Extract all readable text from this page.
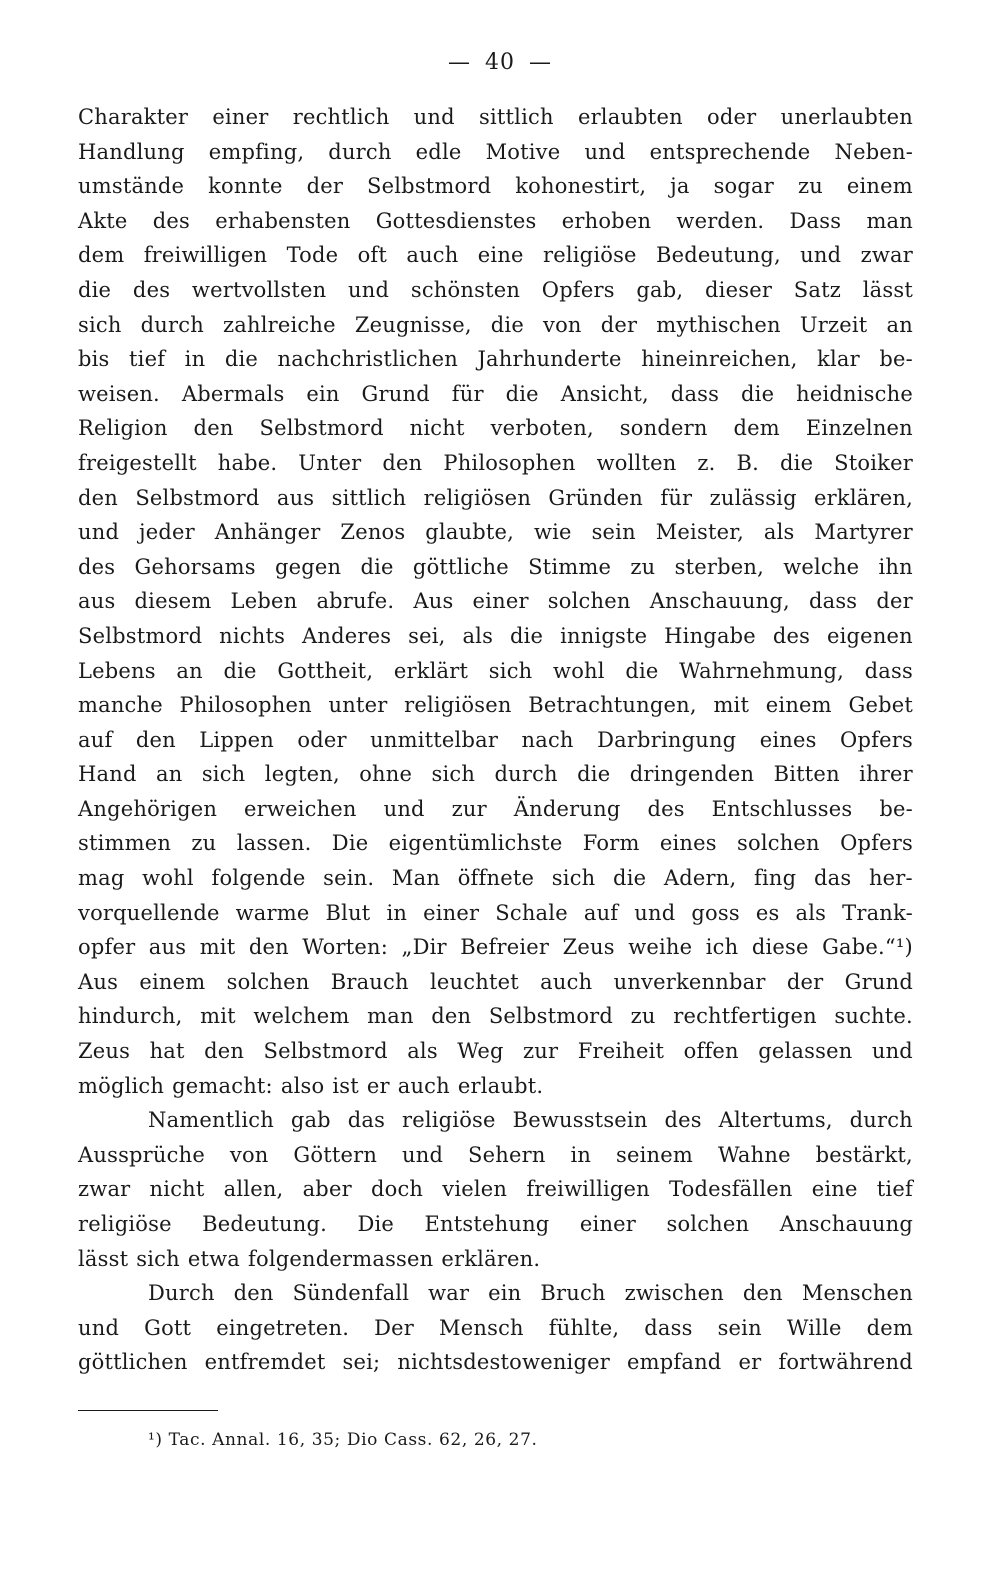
— 40 —
Charakter einer rechtlich und sittlich erlaubten oder unerlaubten
Handlung empfing, durch edle Motive und entsprechende Neben-
umstände konnte der Selbstmord kohonestirt, ja sogar zu einem
Akte des erhabensten Gottesdienstes erhoben werden. Dass man
dem freiwilligen Tode oft auch eine religiöse Bedeutung, und zwar
die des wertvollsten und schönsten Opfers gab, dieser Satz lässt
sich durch zahlreiche Zeugnisse, die von der mythischen Urzeit an
bis tief in die nachchristlichen Jahrhunderte hineinreichen, klar be-
weisen. Abermals ein Grund für die Ansicht, dass die heidnische
Religion den Selbstmord nicht verboten, sondern dem Einzelnen
freigestellt habe. Unter den Philosophen wollten z. B. die Stoiker
den Selbstmord aus sittlich religiösen Gründen für zulässig erklären,
und jeder Anhänger Zenos glaubte, wie sein Meister, als Martyrer
des Gehorsams gegen die göttliche Stimme zu sterben, welche ihn
aus diesem Leben abrufe. Aus einer solchen Anschauung, dass der
Selbstmord nichts Anderes sei, als die innigste Hingabe des eigenen
Lebens an die Gottheit, erklärt sich wohl die Wahrnehmung, dass
manche Philosophen unter religiösen Betrachtungen, mit einem Gebet
auf den Lippen oder unmittelbar nach Darbringung eines Opfers
Hand an sich legten, ohne sich durch die dringenden Bitten ihrer
Angehörigen erweichen und zur Änderung des Entschlusses be-
stimmen zu lassen. Die eigentümlichste Form eines solchen Opfers
mag wohl folgende sein. Man öffnete sich die Adern, fing das her-
vorquellende warme Blut in einer Schale auf und goss es als Trank-
opfer aus mit den Worten: „Dir Befreier Zeus weihe ich diese Gabe.“¹)
Aus einem solchen Brauch leuchtet auch unverkennbar der Grund
hindurch, mit welchem man den Selbstmord zu rechtfertigen suchte.
Zeus hat den Selbstmord als Weg zur Freiheit offen gelassen und
möglich gemacht: also ist er auch erlaubt.
Namentlich gab das religiöse Bewusstsein des Altertums, durch
Aussprüche von Göttern und Sehern in seinem Wahne bestärkt,
zwar nicht allen, aber doch vielen freiwilligen Todesfällen eine tief
religiöse Bedeutung. Die Entstehung einer solchen Anschauung
lässt sich etwa folgendermassen erklären.
Durch den Sündenfall war ein Bruch zwischen den Menschen
und Gott eingetreten. Der Mensch fühlte, dass sein Wille dem
göttlichen entfremdet sei; nichtsdestoweniger empfand er fortwährend
¹) Tac. Annal. 16, 35; Dio Cass. 62, 26, 27.
